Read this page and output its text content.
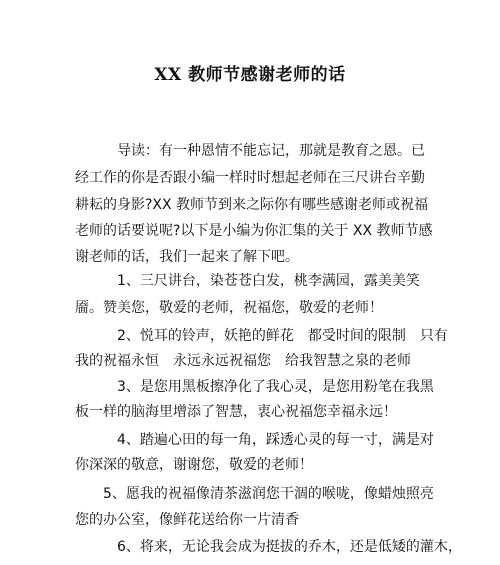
XX 教师节感谢老师的话
　　　导读：有一种恩情不能忘记，那就是教育之恩。已
经工作的你是否跟小编一样时时想起老师在三尺讲台辛勤
耕耘的身影?XX 教师节到来之际你有哪些感谢老师或祝福
老师的话要说呢?以下是小编为你汇集的关于 XX 教师节感
谢老师的话，我们一起来了解下吧。
　　　1、三尺讲台，染苍苍白发，桃李满园，露美美笑
靥。赞美您，敬爱的老师，祝福您，敬爱的老师！
　　　2、悦耳的铃声，妖艳的鲜花　都受时间的限制　只有
我的祝福永恒　永远永远祝福您　给我智慧之泉的老师
　　　3、是您用黑板擦净化了我心灵，是您用粉笔在我黑
板一样的脑海里增添了智慧，衷心祝福您幸福永远！
　　　4、踏遍心田的每一角，踩透心灵的每一寸，满是对
你深深的敬意，谢谢您，敬爱的老师！
　　5、愿我的祝福像清茶滋润您干涸的喉咙，像蜡烛照亮
您的办公室，像鲜花送给你一片清香
　　　6、将来，无论我会成为挺拔的乔木，还是低矮的灌木，
